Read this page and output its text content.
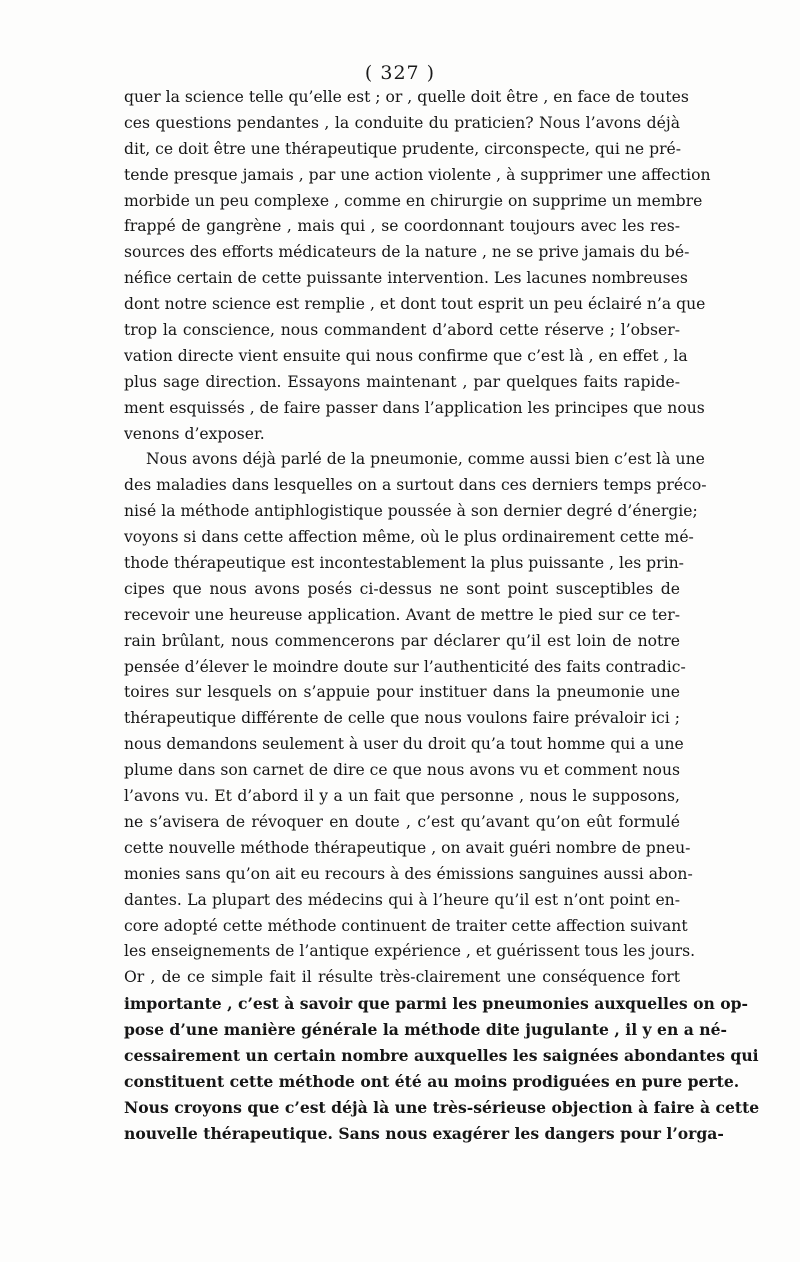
( 327 )
quer la science telle qu’elle est ; or , quelle doit être , en face de toutes
ces questions pendantes , la conduite du praticien? Nous l’avons déjà
dit, ce doit être une thérapeutique prudente, circonspecte, qui ne pré-
tende presque jamais , par une action violente , à supprimer une affection
morbide un peu complexe , comme en chirurgie on supprime un membre
frappé de gangrène , mais qui , se coordonnant toujours avec les res-
sources des efforts médicateurs de la nature , ne se prive jamais du bé-
néfice certain de cette puissante intervention. Les lacunes nombreuses
dont notre science est remplie , et dont tout esprit un peu éclairé n’a que
trop la conscience, nous commandent d’abord cette réserve ; l’obser-
vation directe vient ensuite qui nous confirme que c’est là , en effet , la
plus sage direction. Essayons maintenant , par quelques faits rapide-
ment esquissés , de faire passer dans l’application les principes que nous
venons d’exposer.
Nous avons déjà parlé de la pneumonie, comme aussi bien c’est là une
des maladies dans lesquelles on a surtout dans ces derniers temps préco-
nisé la méthode antiphlogistique poussée à son dernier degré d’énergie;
voyons si dans cette affection même, où le plus ordinairement cette mé-
thode thérapeutique est incontestablement la plus puissante , les prin-
cipes que nous avons posés ci-dessus ne sont point susceptibles de
recevoir une heureuse application. Avant de mettre le pied sur ce ter-
rain brûlant, nous commencerons par déclarer qu’il est loin de notre
pensée d’élever le moindre doute sur l’authenticité des faits contradic-
toires sur lesquels on s’appuie pour instituer dans la pneumonie une
thérapeutique différente de celle que nous voulons faire prévaloir ici ;
nous demandons seulement à user du droit qu’a tout homme qui a une
plume dans son carnet de dire ce que nous avons vu et comment nous
l’avons vu. Et d’abord il y a un fait que personne , nous le supposons,
ne s’avisera de révoquer en doute , c’est qu’avant qu’on eût formulé
cette nouvelle méthode thérapeutique , on avait guéri nombre de pneu-
monies sans qu’on ait eu recours à des émissions sanguines aussi abon-
dantes. La plupart des médecins qui à l’heure qu’il est n’ont point en-
core adopté cette méthode continuent de traiter cette affection suivant
les enseignements de l’antique expérience , et guérissent tous les jours.
Or , de ce simple fait il résulte très-clairement une conséquence fort
importante , c’est à savoir que parmi les pneumonies auxquelles on op-
pose d’une manière générale la méthode dite jugulante , il y en a né-
cessairement un certain nombre auxquelles les saignées abondantes qui
constituent cette méthode ont été au moins prodiguées en pure perte.
Nous croyons que c’est déjà là une très-sérieuse objection à faire à cette
nouvelle thérapeutique. Sans nous exagérer les dangers pour l’orga-
